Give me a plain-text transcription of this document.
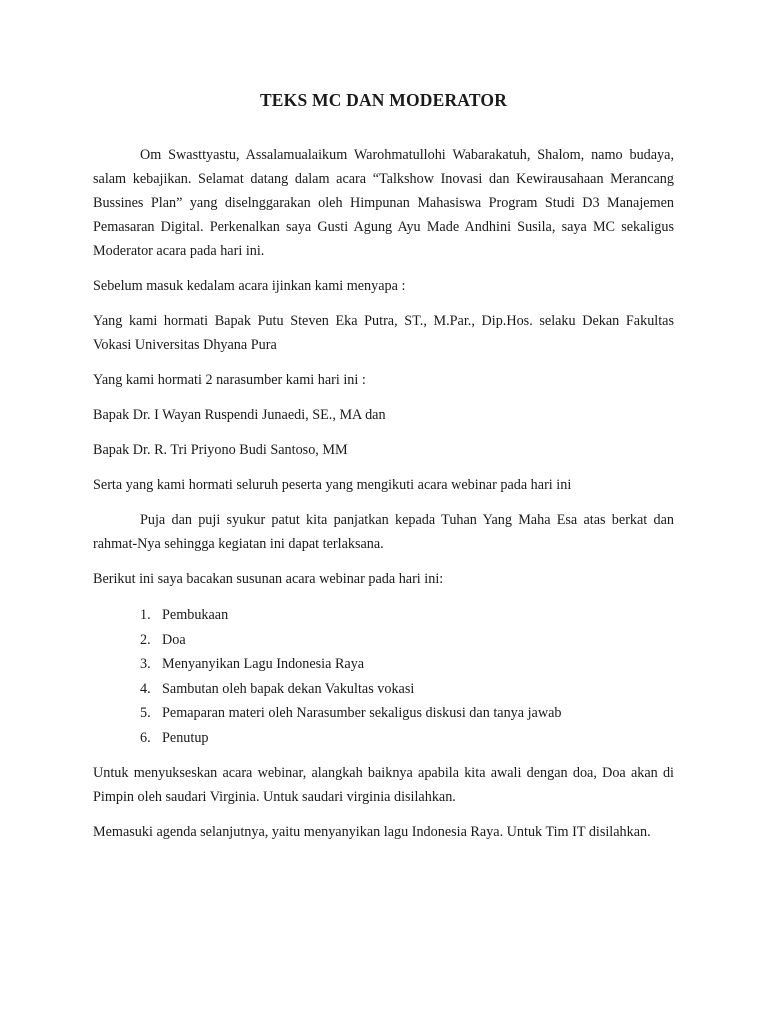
TEKS MC DAN MODERATOR

Om Swasttyastu, Assalamualaikum Warohmatullohi Wabarakatuh, Shalom, namo budaya, salam kebajikan. Selamat datang dalam acara “Talkshow Inovasi dan Kewirausahaan Merancang Bussines Plan” yang diselnggarakan oleh Himpunan Mahasiswa Program Studi D3 Manajemen Pemasaran Digital. Perkenalkan saya Gusti Agung Ayu Made Andhini Susila, saya MC sekaligus Moderator acara pada hari ini.

Sebelum masuk kedalam acara ijinkan kami menyapa :

Yang kami hormati Bapak Putu Steven Eka Putra, ST., M.Par., Dip.Hos. selaku Dekan Fakultas Vokasi Universitas Dhyana Pura

Yang kami hormati 2 narasumber kami hari ini :

Bapak Dr. I Wayan Ruspendi Junaedi, SE., MA dan

Bapak Dr. R. Tri Priyono Budi Santoso, MM

Serta yang kami hormati seluruh peserta yang mengikuti acara webinar pada hari ini

Puja dan puji syukur patut kita panjatkan kepada Tuhan Yang Maha Esa atas berkat dan rahmat-Nya sehingga kegiatan ini dapat terlaksana.

Berikut ini saya bacakan susunan acara webinar pada hari ini:

1. Pembukaan
2. Doa
3. Menyanyikan Lagu Indonesia Raya
4. Sambutan oleh bapak dekan Vakultas vokasi
5. Pemaparan materi oleh Narasumber sekaligus diskusi dan tanya jawab
6. Penutup

Untuk menyukseskan acara webinar, alangkah baiknya apabila kita awali dengan doa, Doa akan di Pimpin oleh saudari Virginia. Untuk saudari virginia disilahkan.

Memasuki agenda selanjutnya, yaitu menyanyikan lagu Indonesia Raya. Untuk Tim IT disilahkan.
